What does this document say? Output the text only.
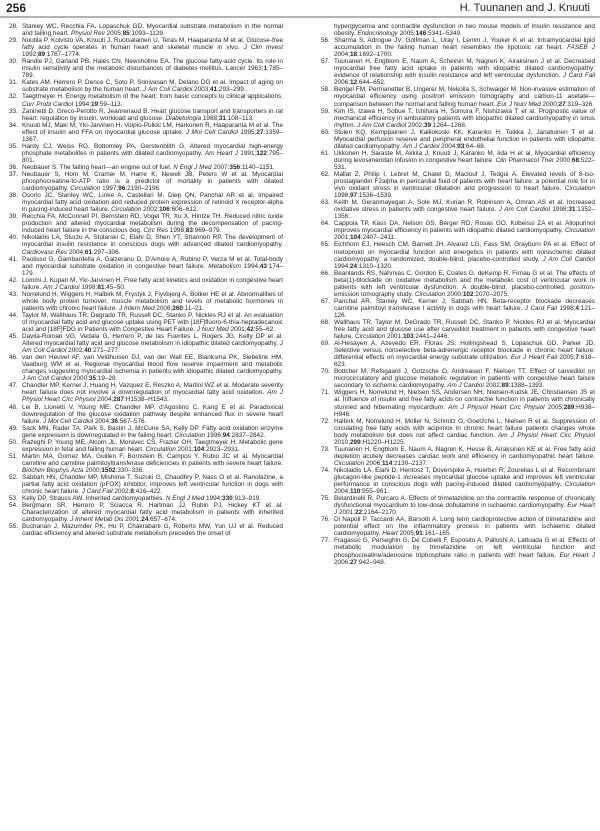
256	H. Tuunanen and J. Knuuti
28. Stanley WC, Recchia FA, Lopaschuk GD. Myocardial substrate metabolism in the normal and failing heart. Physiol Rev 2005;85:1093–1129.
29. Nuutila P, Koivisto VA, Knuuti J, Ruotsalainen U, Teras M, Haaparanta M et al. Glucose-free fatty acid cycle operates in human heart and skeletal muscle in vivo. J Clin Invest 1992;89:1767–1774.
30. Randle PJ, Garland PB, Hales CN, Newsholme EA. The glucose fatty-acid cycle. Its role in insulin sensitivity and the metabolic disturbances of diabetes mellitus. Lancet 1963;1:785–789.
31. Kates AM, Herrero P, Dence C, Soto P, Srinivasan M, Delano DG et al. Impact of aging on substrate metabolism by the human heart. J Am Coll Cardiol 2003;41:293–299.
32. Taegtmeyer H. Energy metabolism of the heart: from basic concepts to clinical applications. Curr Probl Cardiol 1994;19:59–113.
33. Zaninetti D, Greco-Perotto R, Jeanrenaud B. Heart glucose transport and transporters in rat heart: regulation by insulin, workload and glucose. Diabetologia 1988;31:108–113.
34. Knuuti MJ, Maki M, Yki-Jarvinen H, Voipio-Pulkki LM, Harkonen R, Haaparanta M et al. The effect of insulin and FFA on myocardial glucose uptake. J Mol Cell Cardiol 1995;27:1359–1367.
35. Hardy CJ, Weiss RG, Bottomley PA, Gerstenblith G. Altered myocardial high-energy phosphate metabolites in patients with dilated cardiomyopathy. Am Heart J 1991;122:795–801.
36. Neubauer S. The failing heart—an engine out of fuel. N Engl J Med 2007;356:1140–1151.
37. Neubauer S, Horn M, Cramer M, Harre K, Newell JB, Peters W et al. Myocardial phosphocreatine-to-ATP ratio is a predictor of mortality in patients with dilated cardiomyopathy. Circulation 1997;96:2190–2196.
38. Osorio JC, Stanley WC, Linke A, Castellari M, Diep QN, Panchal AR et al. Impaired myocardial fatty acid oxidation and reduced protein expression of retinoid X receptor-alpha in pacing-induced heart failure. Circulation 2002;106:606–612.
39. Recchia FA, McConnell PI, Bernstein RD, Vogel TR, Xu X, Hintze TH. Reduced nitric oxide production and altered myocardial metabolism during the decompensation of pacing-induced heart failure in the conscious dog. Circ Res 1998;83:969–979.
40. Nikolaidis LA, Sturzu A, Stolarski C, Elahi D, Shen YT, Shannon RP. The development of myocardial insulin resistance in conscious dogs with advanced dilated cardiomyopathy. Cardiovasc Res 2004;61:297–306.
41. Paolisso G, Gambardella A, Galzerano D, D'Amore A, Rubino P, Verza M et al. Total-body and myocardial substrate oxidation in congestive heart failure. Metabolism 1994;43:174–179.
42. Lommi J, Kupari M, Yki-Jarvinen H. Free fatty acid kinetics and oxidation in congestive heart failure. Am J Cardiol 1998;81:45–50.
43. Norrelund H, Wiggers H, Halbirk M, Frystyk J, Flyvbjerg A, Botker HE et al. Abnormalities of whole body protein turnover, muscle metabolism and levels of metabolic hormones in patients with chronic heart failure. J Intern Med 2006;260:11–21.
44. Taylor M, Wallhaus TR, Degrado TR, Russell DC, Stanko P, Nickles RJ et al. An evaluation of myocardial fatty acid and glucose uptake using PET with [18F]fluoro-6-thia-heptadecanoic acid and [18F]FDG in Patients with Congestive Heart Failure. J Nucl Med 2001;42:55–62.
45. Davila-Roman VG, Vedala G, Herrero P, de las Fuentes L, Rogers JG, Kelly DP et al. Altered myocardial fatty acid and glucose metabolism in idiopathic dilated cardiomyopathy. J Am Coll Cardiol 2002;40:271–277.
46. van den Heuvel AF, van Veldhuisen DJ, van der Wall EE, Blanksma PK, Siebelink HM, Vaalburg WM et al. Regional myocardial blood flow reserve impairment and metabolic changes suggesting myocardial ischemia in patients with idiopathic dilated cardiomyopathy. J Am Coll Cardiol 2000;35:19–28.
47. Chandler MP, Kerner J, Huang H, Vazquez E, Reszko A, Martini WZ et al. Moderate severity heart failure does not involve a downregulation of myocardial fatty acid oxidation. Am J Physiol Heart Circ Physiol 2004;287:H1538–H1543.
48. Lei B, Lionetti V, Young ME, Chandler MP, d'Agostino C, Kang E et al. Paradoxical downregulation of the glucose oxidation pathway despite enhanced flux in severe heart failure. J Mol Cell Cardiol 2004;36:567–576.
49. Sack MN, Rader TA, Park S, Bastin J, McCune SA, Kelly DP. Fatty acid oxidation enzyme gene expression is downregulated in the failing heart. Circulation 1996;94:2837–2842.
50. Razeghi P, Young ME, Alcorn JL, Moravec CS, Frazier OH, Taegtmeyer H. Metabolic gene expression in fetal and failing human heart. Circulation 2001;104:2923–2931.
51. Martin MA, Gomez MA, Guillen F, Bornstein B, Campos Y, Rubio JC et al. Myocardial carnitine and carnitine palmitoyltransferase deficiencies in patients with severe heart failure. Biochim Biophys Acta 2000;1502:330–336.
52. Sabbah HN, Chandler MP, Mishima T, Suzuki G, Chaudhry P, Nass O et al. Ranolazine, a partial fatty acid oxidation (pFOX) inhibitor, improves left ventricular function in dogs with chronic heart failure. J Card Fail 2002;8:416–422.
53. Kelly DP, Strauss AW. Inherited cardiomyopathies. N Engl J Med 1994;330:913–919.
54. Bergmann SR, Herrero P, Sciacca R, Hartman JJ, Rubin PJ, Hickey KT et al. Characterization of altered myocardial fatty acid metabolism in patients with inherited cardiomyopathy. J Inherit Metab Dis 2001;24:657–674.
55. Buchanan J, Mazumder PK, Hu P, Chakrabarti G, Roberts MW, Yun UJ et al. Reduced cardiac efficiency and altered substrate metabolism precedes the onset of
hyperglycemia and contractile dysfunction in two mouse models of insulin resistance and obesity. Endocrinology 2005;146:5341–5349.
56. Sharma S, Adrogue JV, Golfman L, Uray I, Lemm J, Youker K et al. Intramyocardial lipid accumulation in the failing human heart resembles the lipotoxic rat heart. FASEB J 2004;18:1692–1700.
57. Tuunanen H, Engblom E, Naum A, Scheinin M, Nagren K, Airaksinen J et al. Decreased myocardial free fatty acid uptake in patients with idiopathic dilated cardiomyopathy: evidence of relationship with insulin resistance and left ventricular dysfunction. J Card Fail 2006;12:644–652.
58. Bengel FM, Permanetter B, Ungerer M, Nekolla S, Schwaiger M. Non-invasive estimation of myocardial efficiency using positron emission tomography and carbon-11 acetate—comparison between the normal and failing human heart. Eur J Nucl Med 2000;27:319–326.
59. Kim IS, Izawa H, Sobue T, Ishihara H, Somura F, Nishizawa T et al. Prognostic value of mechanical efficiency in ambulatory patients with idiopathic dilated cardiomyopathy in sinus rhythm. J Am Coll Cardiol 2002;39:1264–1268.
60. Stolen KQ, Kemppainen J, Kalliokoski KK, Karanko H, Toikka J, Janatuinen T et al. Myocardial perfusion reserve and peripheral endothelial function in patients with idiopathic dilated cardiomyopathy. Am J Cardiol 2004;93:64–68.
61. Ukkonen H, Saraste M, Akkila J, Knuuti J, Karanko M, Iida H et al. Myocardial efficiency during levosimendan infusion in congestive heart failure. Clin Pharmacol Ther 2000;68:522–531.
62. Mallat Z, Philip I, Lebret M, Chatel D, Maclouf J, Tedgui A. Elevated levels of 8-iso-prostaglandin F2alpha in pericardial fluid of patients with heart failure: a potential role for in vivo oxidant stress in ventricular dilatation and progression to heart failure. Circulation 1998;97:1536–1539.
63. Keith M, Geranmayegan A, Sole MJ, Kurian R, Robinson A, Omran AS et al. Increased oxidative stress in patients with congestive heart failure. J Am Coll Cardiol 1998;31:1352–1356.
64. Cappola TP, Kass DA, Nelson GS, Berger RD, Rosas GO, Kobeissi ZA et al. Allopurinol improves myocardial efficiency in patients with idiopathic dilated cardiomyopathy. Circulation 2001;104:2407–2411.
65. Eichhorn EJ, Heesch CM, Barnett JH, Alvarez LG, Fass SM, Grayburn PA et al. Effect of metoprolol on myocardial function and energetics in patients with nonischemic dilated cardiomyopathy: a randomized, double-blind, placebo-controlled study. J Am Coll Cardiol 1994;24:1310–1320.
66. Beanlands RS, Nahmias C, Gordon E, Coates G, deKemp R, Firnau G et al. The effects of beta(1)-blockade on oxidative metabolism and the metabolic cost of ventricular work in patients with left ventricular dysfunction: A double-blind, placebo-controlled, positron-emission tomography study. Circulation 2000;102:2070–2075.
67. Panchal AR, Stanley WC, Kerner J, Sabbah HN. Beta-receptor blockade decreases carnitine palmitoyl transferase I activity in dogs with heart failure. J Card Fail 1998;4:121–126.
68. Wallhaus TR, Taylor M, DeGrado TR, Russell DC, Stanko P, Nickles RJ et al. Myocardial free fatty acid and glucose use after carvedilol treatment in patients with congestive heart failure. Circulation 2001;103:2441–2446.
69. Al-Hesayen A, Azevedo ER, Floras JS, Hollingshead S, Lopaschuk GD, Parker JD. Selective versus nonselective beta-adrenergic receptor blockade in chronic heart failure: differential effects on myocardial energy substrate utilization. Eur J Heart Fail 2005;7:618–623.
70. Bottcher M, Refsgaard J, Gotzsche O, Andreasen F, Nielsen TT. Effect of carvedilol on microcirculatory and glucose metabolic regulation in patients with congestive heart failure secondary to ischemic cardiomyopathy. Am J Cardiol 2002;89:1388–1393.
71. Wiggers H, Norrelund H, Nielsen SS, Andersen NH, Nielsen-Kudsk JE, Christiansen JS et al. Influence of insulin and free fatty acids on contractile function in patients with chronically stunned and hibernating myocardium. Am J Physiol Heart Circ Physiol 2005;289:H938–H946.
72. Halbirk M, Norrelund H, Moller N, Schmitz O, Goetzche L, Nielsen R et al. Suppression of circulating free fatty acids with acipimox in chronic heart failure patients changes whole body metabolism but does not affect cardiac function. Am J Physiol Heart Circ Physiol 2010;299:H1220–H1225.
73. Tuunanen H, Engblom E, Naum A, Nagren K, Hesse B, Airaksinen KE et al. Free fatty acid depletion acutely decreases cardiac work and efficiency in cardiomyopathic heart failure. Circulation 2006;114:2130–2137.
74. Nikolaidis LA, Elahi D, Hentosz T, Doverspike A, Huerbin R, Zourelias L et al. Recombinant glucagon-like peptide-1 increases myocardial glucose uptake and improves left ventricular performance in conscious dogs with pacing-induced dilated cardiomyopathy. Circulation 2004;110:955–961.
75. Belardinelli R, Purcaro A. Effects of trimetazidine on the contractile response of chronically dysfunctional myocardium to low-dose dobutamine in ischaemic cardiomyopathy. Eur Heart J 2001;22:2164–2170.
76. Di Napoli P, Taccardi AA, Barsotti A. Long term cardioprotective action of trimetazidine and potential effect on the inflammatory process in patients with ischaemic dilated cardiomyopathy. Heart 2005;91:161–165.
77. Fragasso G, Perseghin G, De Cobelli F, Esposito A, Palloshi A, Lattuada G et al. Effects of metabolic modulation by trimetazidine on left ventricular function and phosphocreatine/adenosine triphosphate ratio in patients with heart failure. Eur Heart J 2006;27:942–948.
